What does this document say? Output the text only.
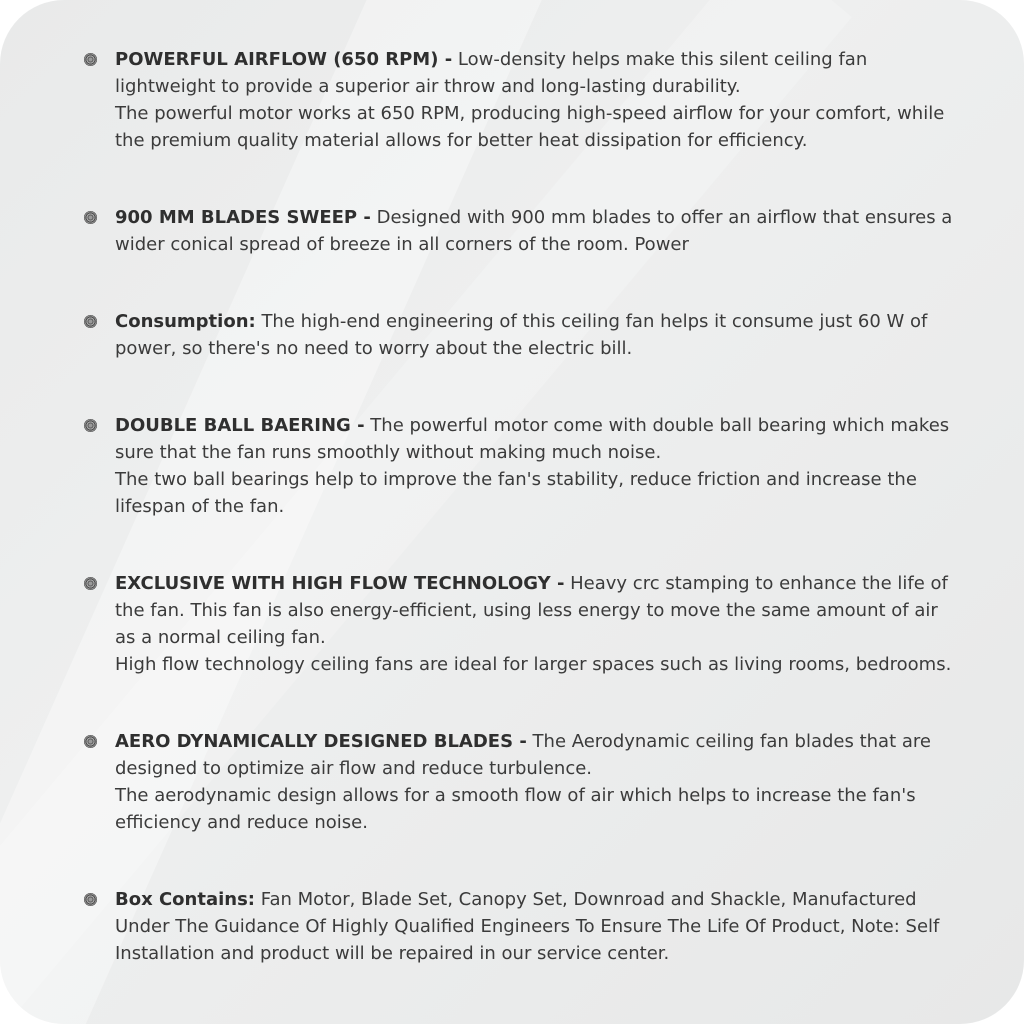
POWERFUL AIRFLOW (650 RPM) - Low-density helps make this silent ceiling fan lightweight to provide a superior air throw and long-lasting durability.

The powerful motor works at 650 RPM, producing high-speed airflow for your comfort, while the premium quality material allows for better heat dissipation for efficiency.

900 MM BLADES SWEEP - Designed with 900 mm blades to offer an airflow that ensures a wider conical spread of breeze in all corners of the room. Power

Consumption: The high-end engineering of this ceiling fan helps it consume just 60 W of power, so there's no need to worry about the electric bill.

DOUBLE BALL BAERING - The powerful motor come with double ball bearing which makes sure that the fan runs smoothly without making much noise.

The two ball bearings help to improve the fan's stability, reduce friction and increase the lifespan of the fan.

EXCLUSIVE WITH HIGH FLOW TECHNOLOGY - Heavy crc stamping to enhance the life of the fan. This fan is also energy-efficient, using less energy to move the same amount of air as a normal ceiling fan.

High flow technology ceiling fans are ideal for larger spaces such as living rooms, bedrooms.

AERO DYNAMICALLY DESIGNED BLADES - The Aerodynamic ceiling fan blades that are designed to optimize air flow and reduce turbulence.

The aerodynamic design allows for a smooth flow of air which helps to increase the fan's efficiency and reduce noise.

Box Contains: Fan Motor, Blade Set, Canopy Set, Downroad and Shackle, Manufactured Under The Guidance Of Highly Qualified Engineers To Ensure The Life Of Product, Note: Self Installation and product will be repaired in our service center.
